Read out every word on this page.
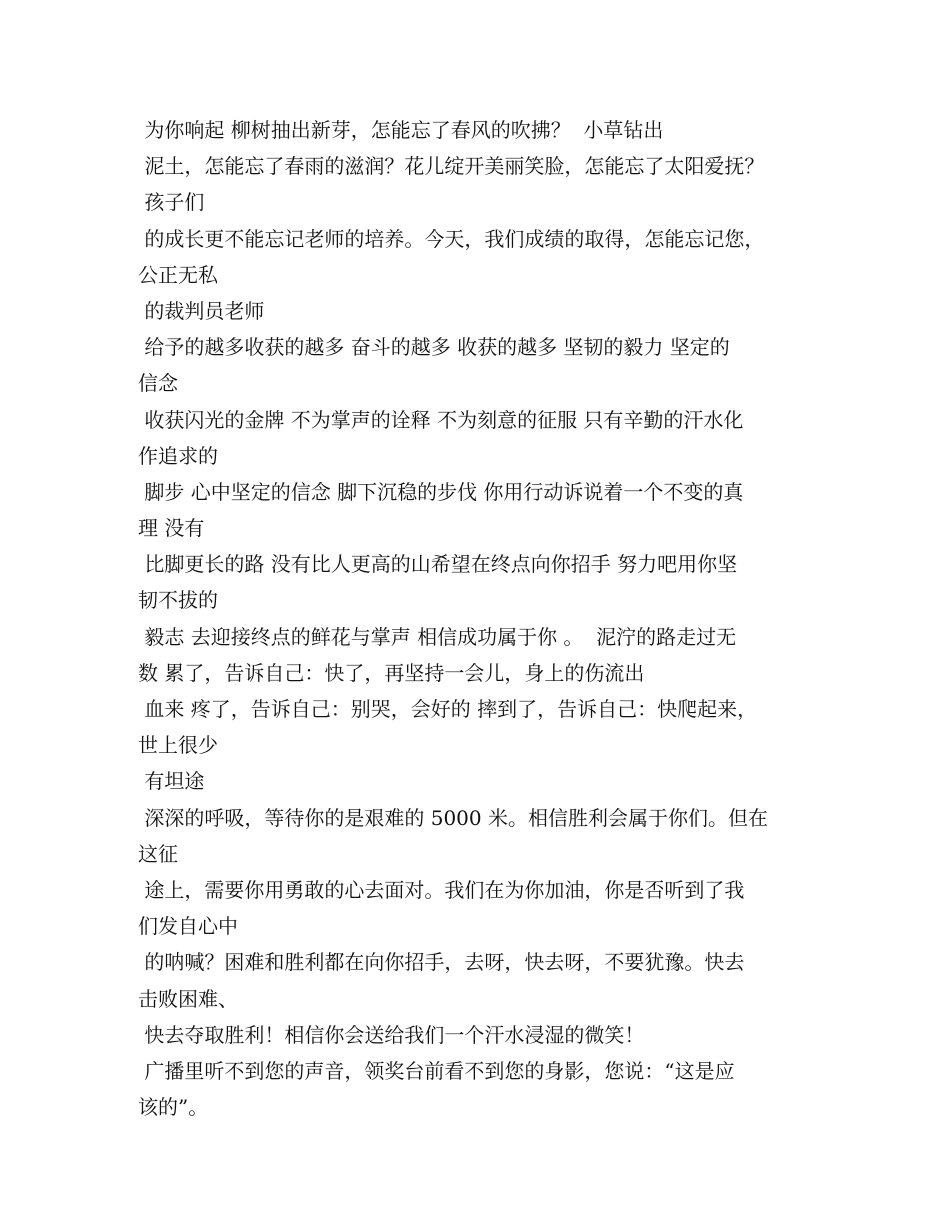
为你响起 柳树抽出新芽，怎能忘了春风的吹拂？  小草钻出
泥土，怎能忘了春雨的滋润？花儿绽开美丽笑脸，怎能忘了太阳爱抚？
孩子们
的成长更不能忘记老师的培养。今天，我们成绩的取得，怎能忘记您，
公正无私
的裁判员老师
给予的越多收获的越多 奋斗的越多 收获的越多 坚韧的毅力 坚定的
信念
收获闪光的金牌 不为掌声的诠释 不为刻意的征服 只有辛勤的汗水化
作追求的
脚步 心中坚定的信念 脚下沉稳的步伐 你用行动诉说着一个不变的真
理 没有
比脚更长的路 没有比人更高的山希望在终点向你招手 努力吧用你坚
韧不拔的
毅志 去迎接终点的鲜花与掌声 相信成功属于你 。  泥泞的路走过无
数 累了，告诉自己：快了，再坚持一会儿，身上的伤流出
血来 疼了，告诉自己：别哭，会好的 摔到了，告诉自己：快爬起来，
世上很少
有坦途
深深的呼吸，等待你的是艰难的 5000 米。相信胜利会属于你们。但在
这征
途上，需要你用勇敢的心去面对。我们在为你加油，你是否听到了我
们发自心中
的呐喊？困难和胜利都在向你招手，去呀，快去呀，不要犹豫。快去
击败困难、
快去夺取胜利！相信你会送给我们一个汗水浸湿的微笑！
广播里听不到您的声音，领奖台前看不到您的身影，您说：“这是应
该的”。
